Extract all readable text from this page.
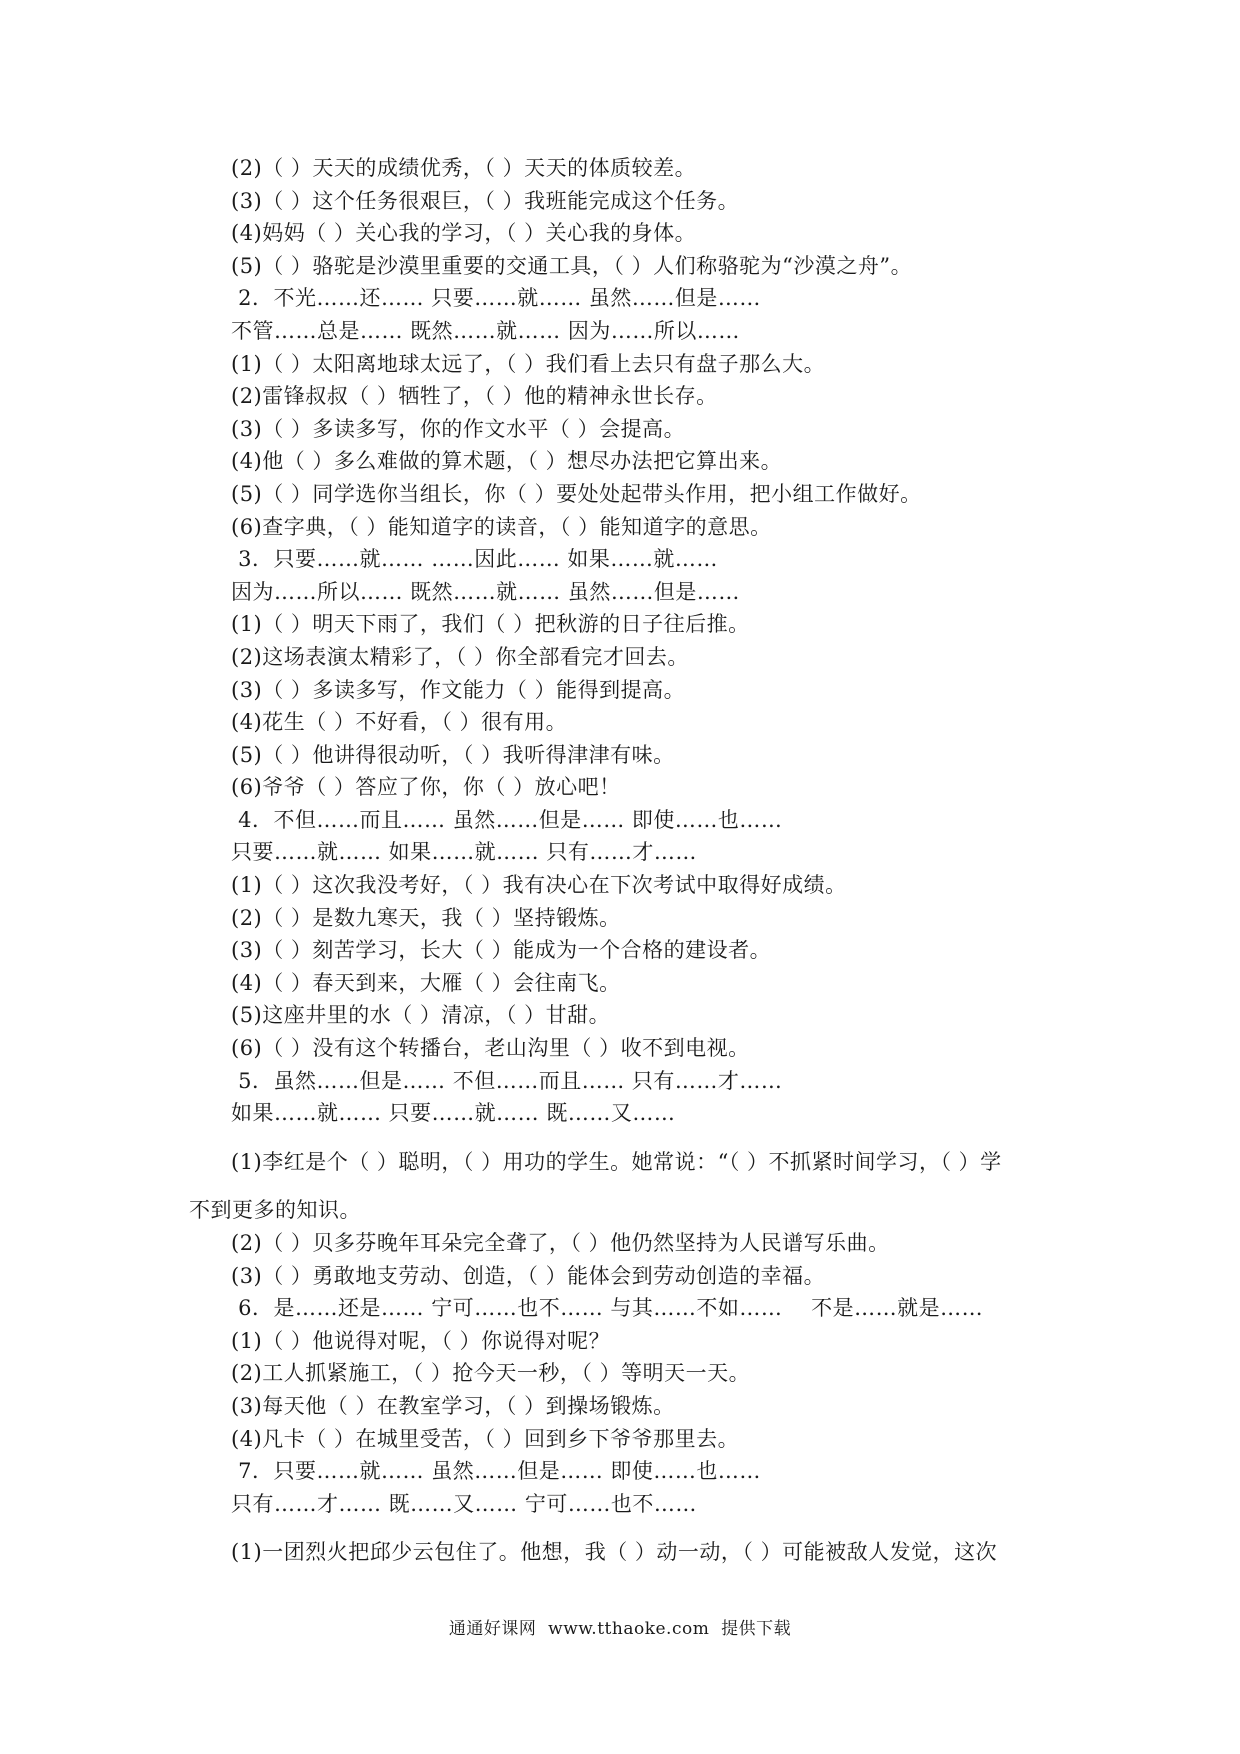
(2)（ ）天天的成绩优秀，（ ）天天的体质较差。
(3)（ ）这个任务很艰巨，（ ）我班能完成这个任务。
(4)妈妈（ ）关心我的学习，（ ）关心我的身体。
(5)（ ）骆驼是沙漠里重要的交通工具，（ ）人们称骆驼为“沙漠之舟”。
2．不光……还…… 只要……就…… 虽然……但是……
不管……总是…… 既然……就…… 因为……所以……
(1)（ ）太阳离地球太远了，（ ）我们看上去只有盘子那么大。
(2)雷锋叔叔（ ）牺牲了，（ ）他的精神永世长存。
(3)（ ）多读多写，你的作文水平（ ）会提高。
(4)他（ ）多么难做的算术题，（ ）想尽办法把它算出来。
(5)（ ）同学选你当组长，你（ ）要处处起带头作用，把小组工作做好。
(6)查字典，（ ）能知道字的读音，（ ）能知道字的意思。
3．只要……就…… ……因此…… 如果……就……
因为……所以…… 既然……就…… 虽然……但是……
(1)（ ）明天下雨了，我们（ ）把秋游的日子往后推。
(2)这场表演太精彩了，（ ）你全部看完才回去。
(3)（ ）多读多写，作文能力（ ）能得到提高。
(4)花生（ ）不好看，（ ）很有用。
(5)（ ）他讲得很动听，（ ）我听得津津有味。
(6)爷爷（ ）答应了你，你（ ）放心吧！
4．不但……而且…… 虽然……但是…… 即使……也……
只要……就…… 如果……就…… 只有……才……
(1)（ ）这次我没考好，（ ）我有决心在下次考试中取得好成绩。
(2)（ ）是数九寒天，我（ ）坚持锻炼。
(3)（ ）刻苦学习，长大（ ）能成为一个合格的建设者。
(4)（ ）春天到来，大雁（ ）会往南飞。
(5)这座井里的水（ ）清凉，（ ）甘甜。
(6)（ ）没有这个转播台，老山沟里（ ）收不到电视。
5．虽然……但是…… 不但……而且…… 只有……才……
如果……就…… 只要……就…… 既……又……
(1)李红是个（ ）聪明，（ ）用功的学生。她常说：“（ ）不抓紧时间学习，（ ）学
不到更多的知识。
(2)（ ）贝多芬晚年耳朵完全聋了，（ ）他仍然坚持为人民谱写乐曲。
(3)（ ）勇敢地支劳动、创造，（ ）能体会到劳动创造的幸福。
6．是……还是…… 宁可……也不…… 与其……不如……    不是……就是……
(1)（ ）他说得对呢，（ ）你说得对呢？
(2)工人抓紧施工，（ ）抢今天一秒，（ ）等明天一天。
(3)每天他（ ）在教室学习，（ ）到操场锻炼。
(4)凡卡（ ）在城里受苦，（ ）回到乡下爷爷那里去。
7．只要……就…… 虽然……但是…… 即使……也……
只有……才…… 既……又…… 宁可……也不……
(1)一团烈火把邱少云包住了。他想，我（ ）动一动，（ ）可能被敌人发觉，这次
通通好课网  www.tthaoke.com  提供下载
